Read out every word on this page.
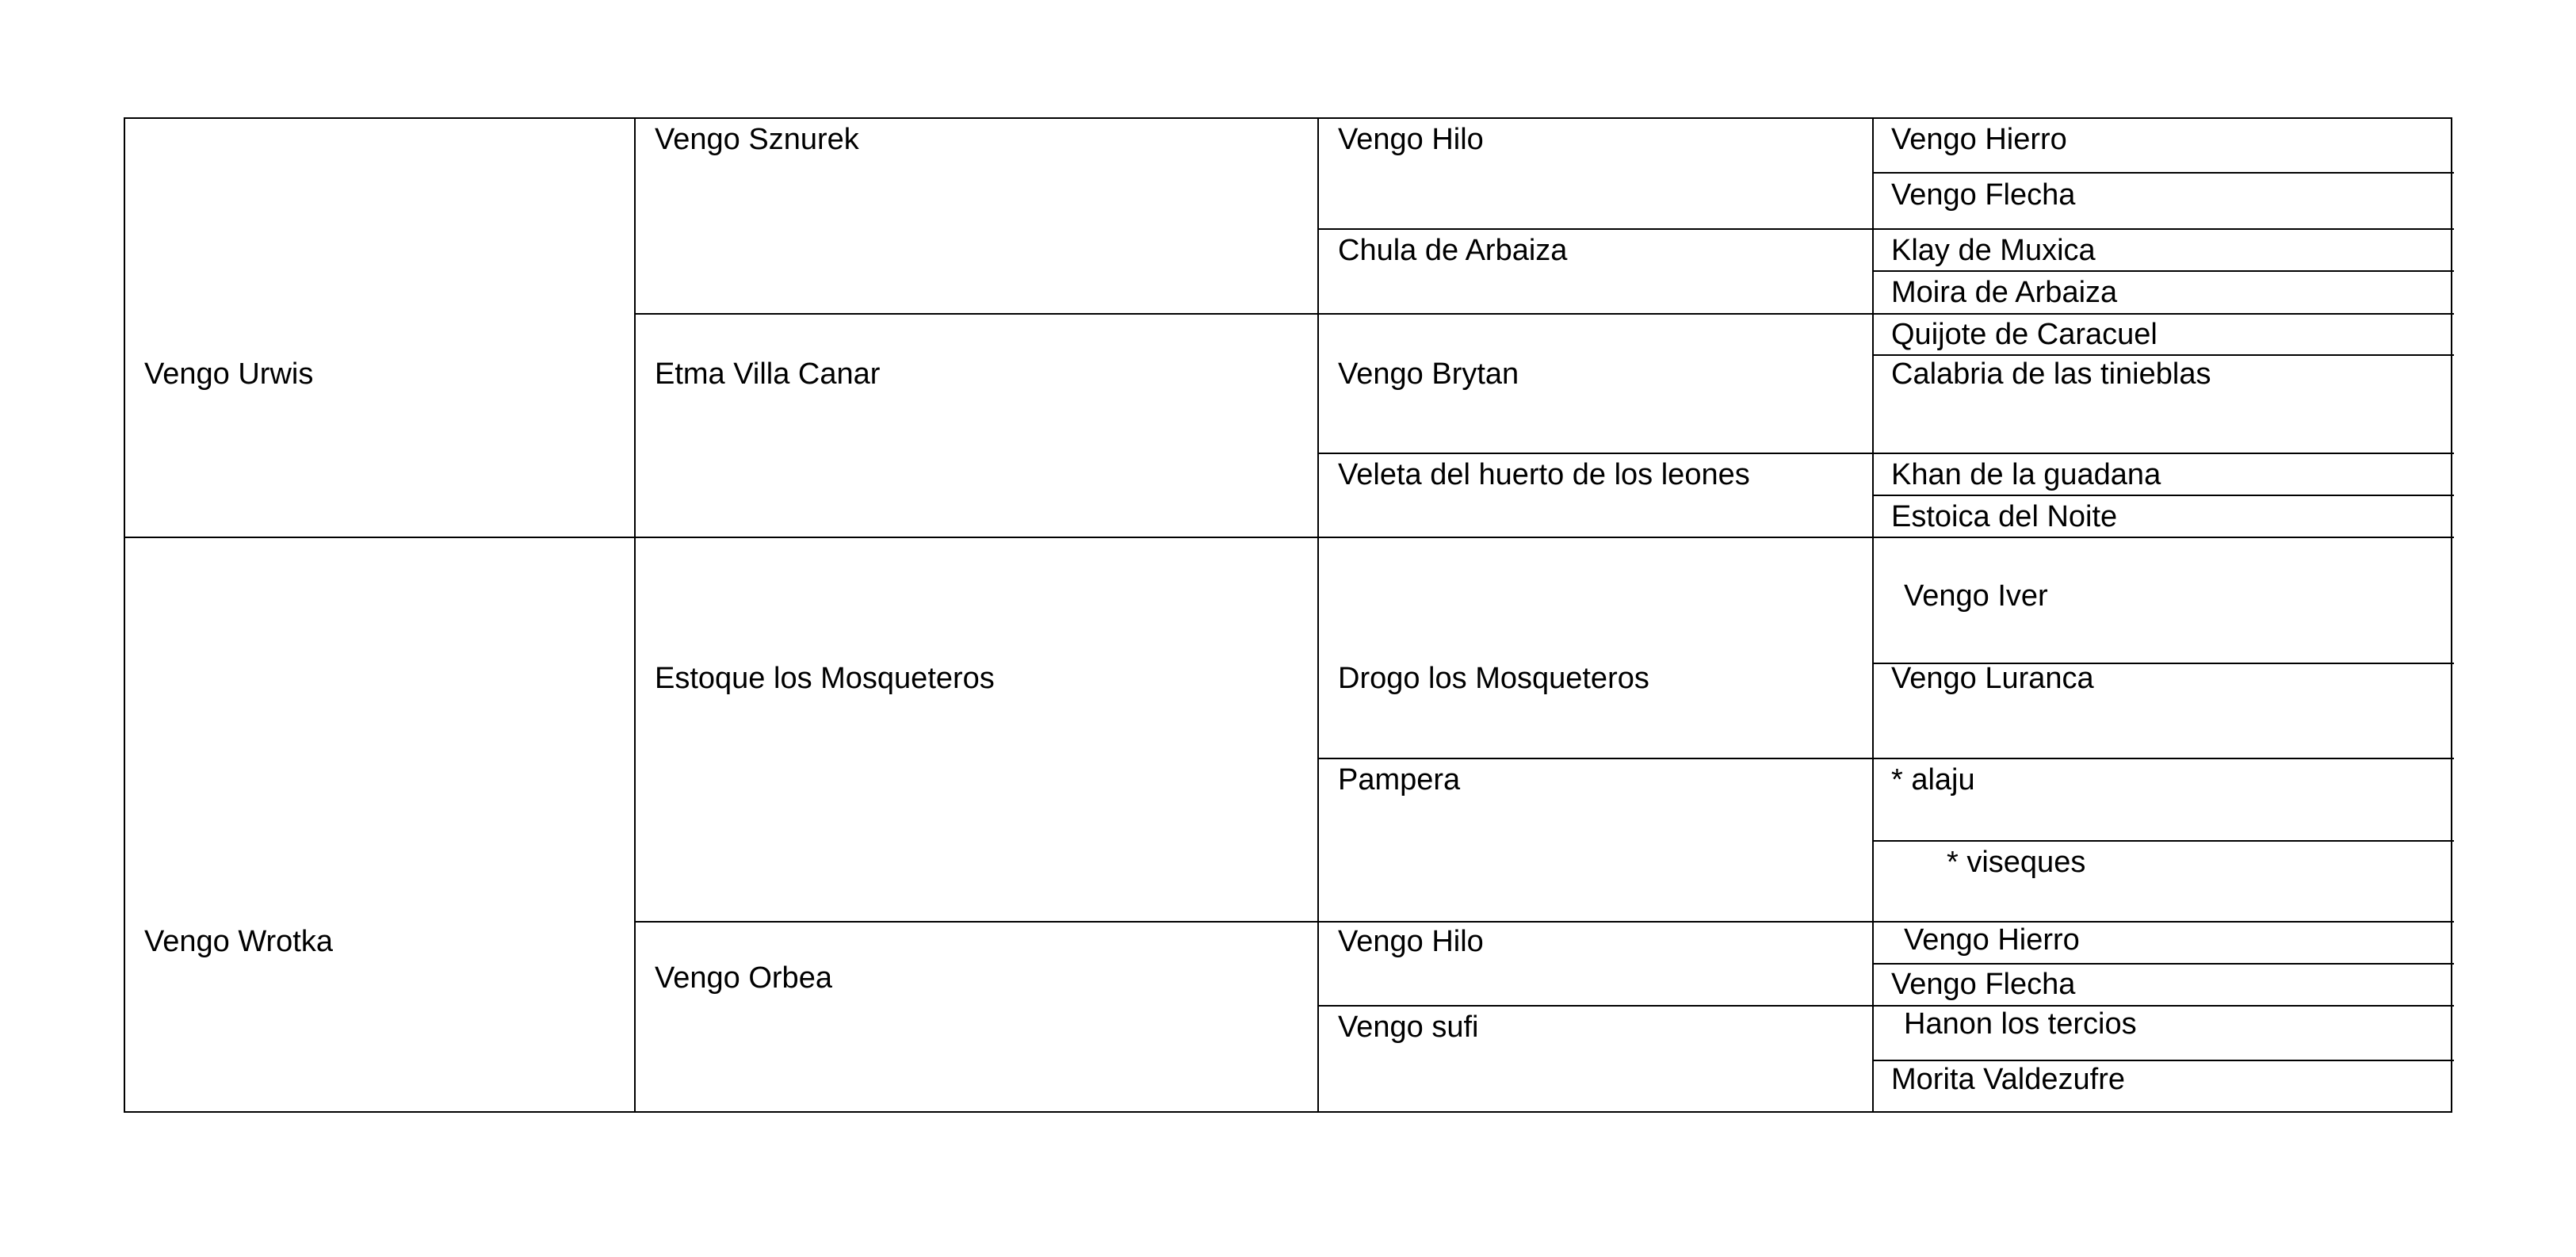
Vengo Urwis
Vengo Wrotka
Vengo Sznurek
Etma Villa Canar
Estoque los Mosqueteros
Vengo Orbea
Vengo Hilo
Chula de Arbaiza
Vengo Brytan
Veleta del huerto de los leones
Drogo los Mosqueteros
Pampera
Vengo Hilo
Vengo sufi
Vengo Hierro
Vengo Flecha
Klay de Muxica
Moira de Arbaiza
Quijote de Caracuel
Calabria de las tinieblas
Khan de la guadana
Estoica del Noite
Vengo Iver
Vengo Luranca
* alaju
* viseques
Vengo Hierro
Vengo Flecha
Hanon los tercios
Morita Valdezufre
